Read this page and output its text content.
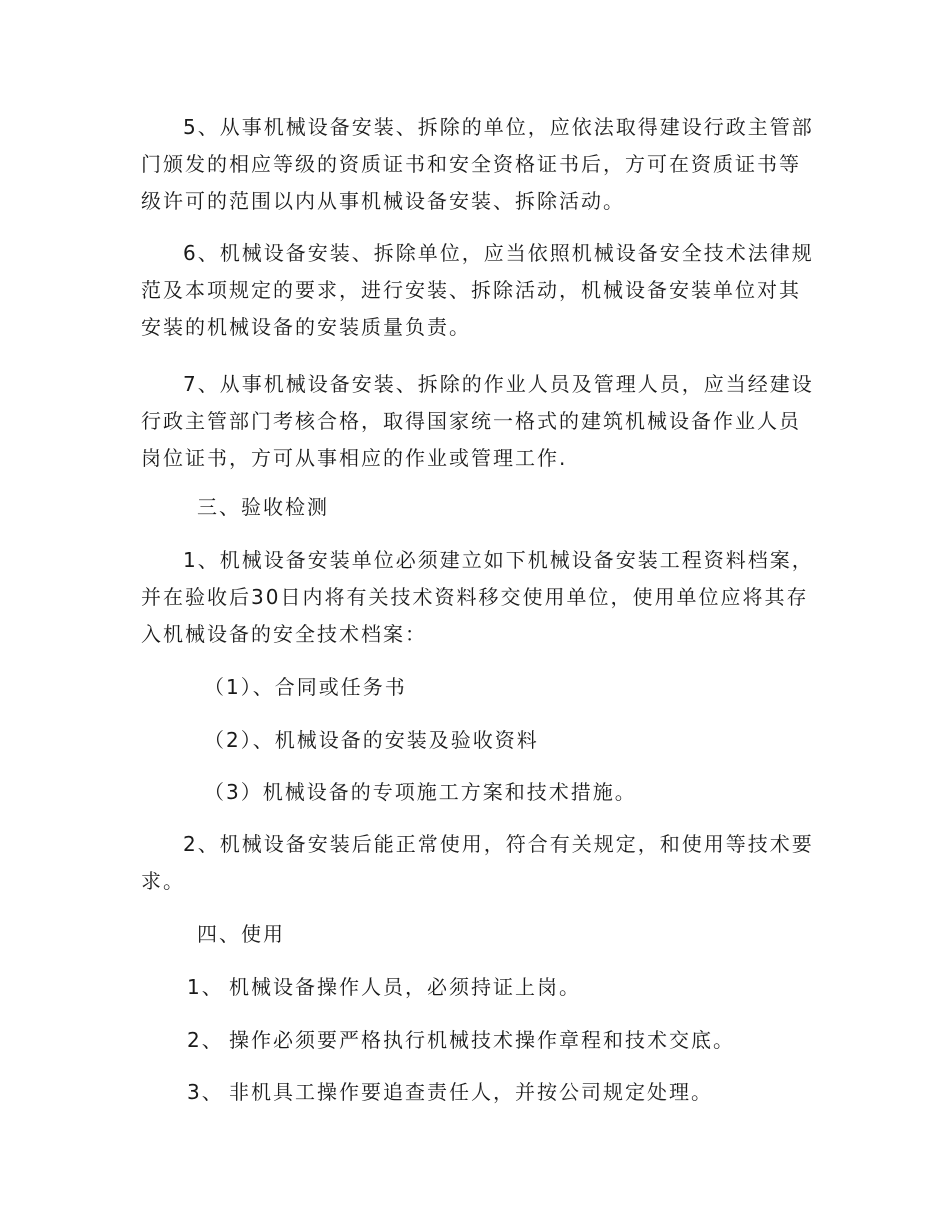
5、从事机械设备安装、拆除的单位，应依法取得建设行政主管部门颁发的相应等级的资质证书和安全资格证书后，方可在资质证书等级许可的范围以内从事机械设备安装、拆除活动。

6、机械设备安装、拆除单位，应当依照机械设备安全技术法律规范及本项规定的要求，进行安装、拆除活动，机械设备安装单位对其安装的机械设备的安装质量负责。

7、从事机械设备安装、拆除的作业人员及管理人员，应当经建设行政主管部门考核合格，取得国家统一格式的建筑机械设备作业人员岗位证书，方可从事相应的作业或管理工作.

三、验收检测

1、机械设备安装单位必须建立如下机械设备安装工程资料档案，并在验收后30日内将有关技术资料移交使用单位，使用单位应将其存入机械设备的安全技术档案：

（1）、合同或任务书

（2）、机械设备的安装及验收资料

（3）机械设备的专项施工方案和技术措施。

2、机械设备安装后能正常使用，符合有关规定，和使用等技术要求。

四、使用

1、 机械设备操作人员，必须持证上岗。

2、 操作必须要严格执行机械技术操作章程和技术交底。

3、 非机具工操作要追查责任人，并按公司规定处理。
